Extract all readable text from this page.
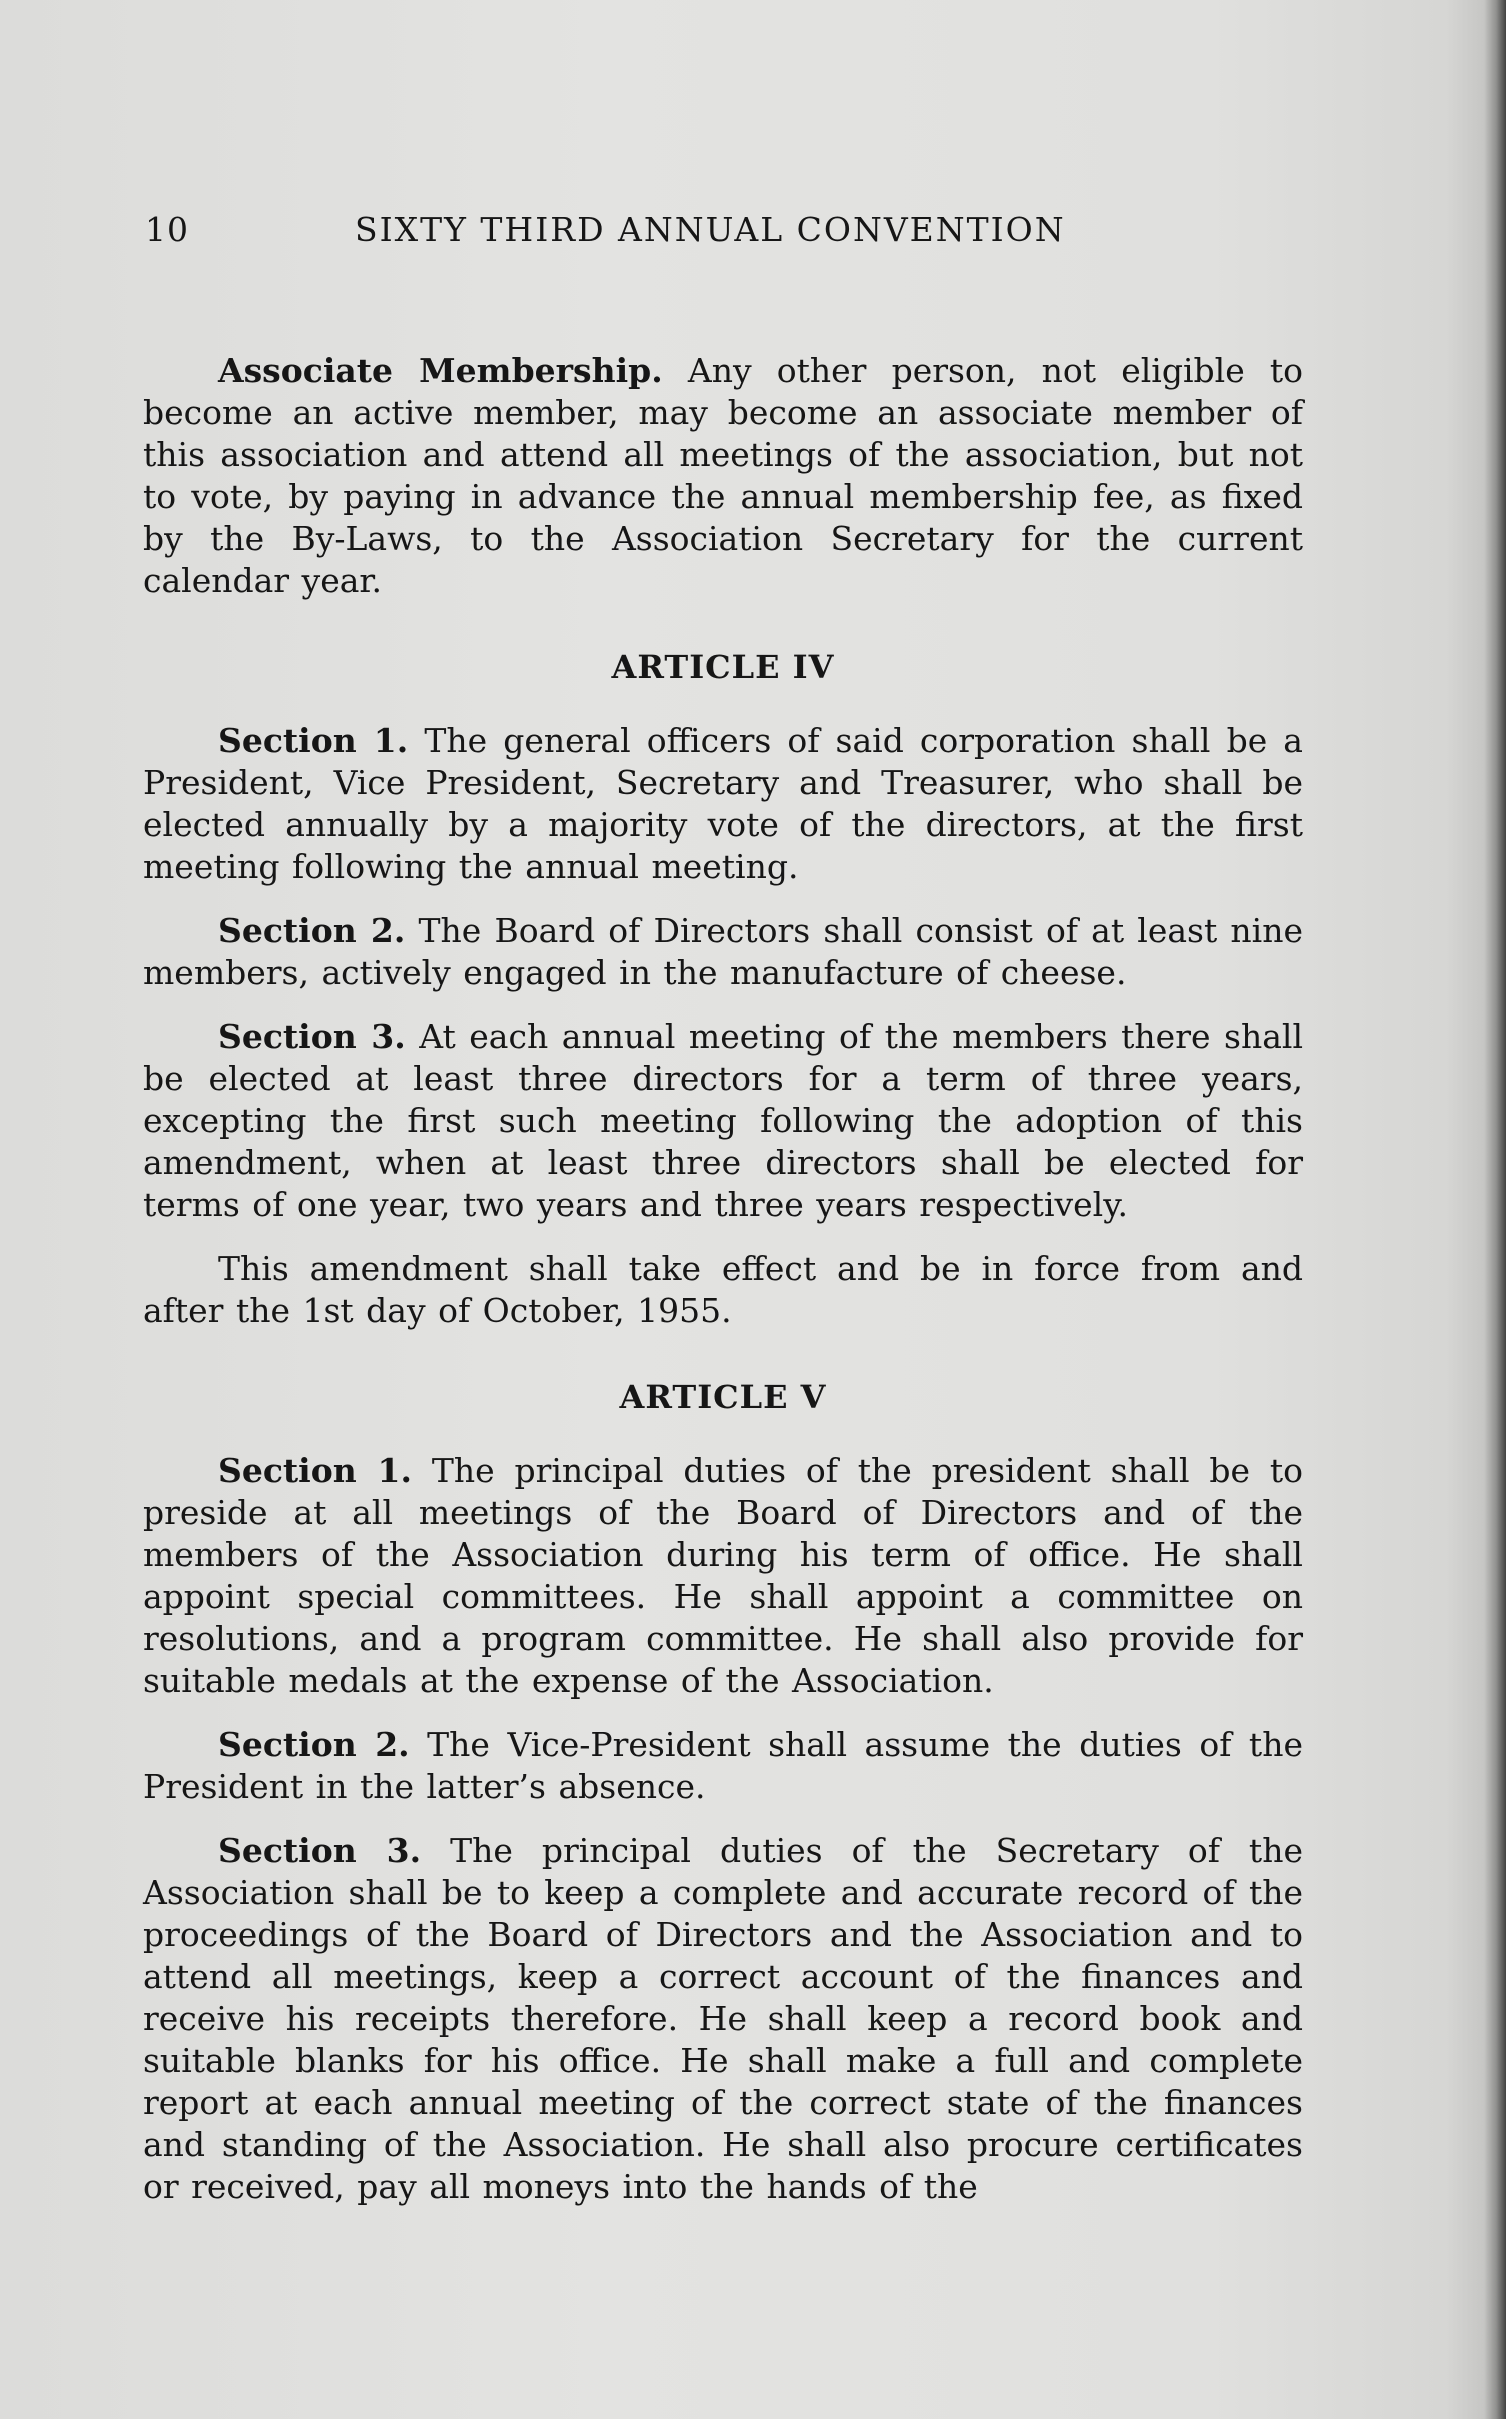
10	SIXTY THIRD ANNUAL CONVENTION

Associate Membership. Any other person, not eligible to become an active member, may become an associate member of this association and attend all meetings of the association, but not to vote, by paying in advance the annual membership fee, as fixed by the By-Laws, to the Association Secretary for the current calendar year.

ARTICLE IV

Section 1. The general officers of said corporation shall be a President, Vice President, Secretary and Treasurer, who shall be elected annually by a majority vote of the directors, at the first meeting following the annual meeting.

Section 2. The Board of Directors shall consist of at least nine members, actively engaged in the manufacture of cheese.

Section 3. At each annual meeting of the members there shall be elected at least three directors for a term of three years, excepting the first such meeting following the adoption of this amendment, when at least three directors shall be elected for terms of one year, two years and three years respectively.

This amendment shall take effect and be in force from and after the 1st day of October, 1955.

ARTICLE V

Section 1. The principal duties of the president shall be to preside at all meetings of the Board of Directors and of the members of the Association during his term of office. He shall appoint special committees. He shall appoint a committee on resolutions, and a program committee. He shall also provide for suitable medals at the expense of the Association.

Section 2. The Vice-President shall assume the duties of the President in the latter’s absence.

Section 3. The principal duties of the Secretary of the Association shall be to keep a complete and accurate record of the proceedings of the Board of Directors and the Association and to attend all meetings, keep a correct account of the finances and receive his receipts therefore. He shall keep a record book and suitable blanks for his office. He shall make a full and complete report at each annual meeting of the correct state of the finances and standing of the Association. He shall also procure certificates or received, pay all moneys into the hands of the
